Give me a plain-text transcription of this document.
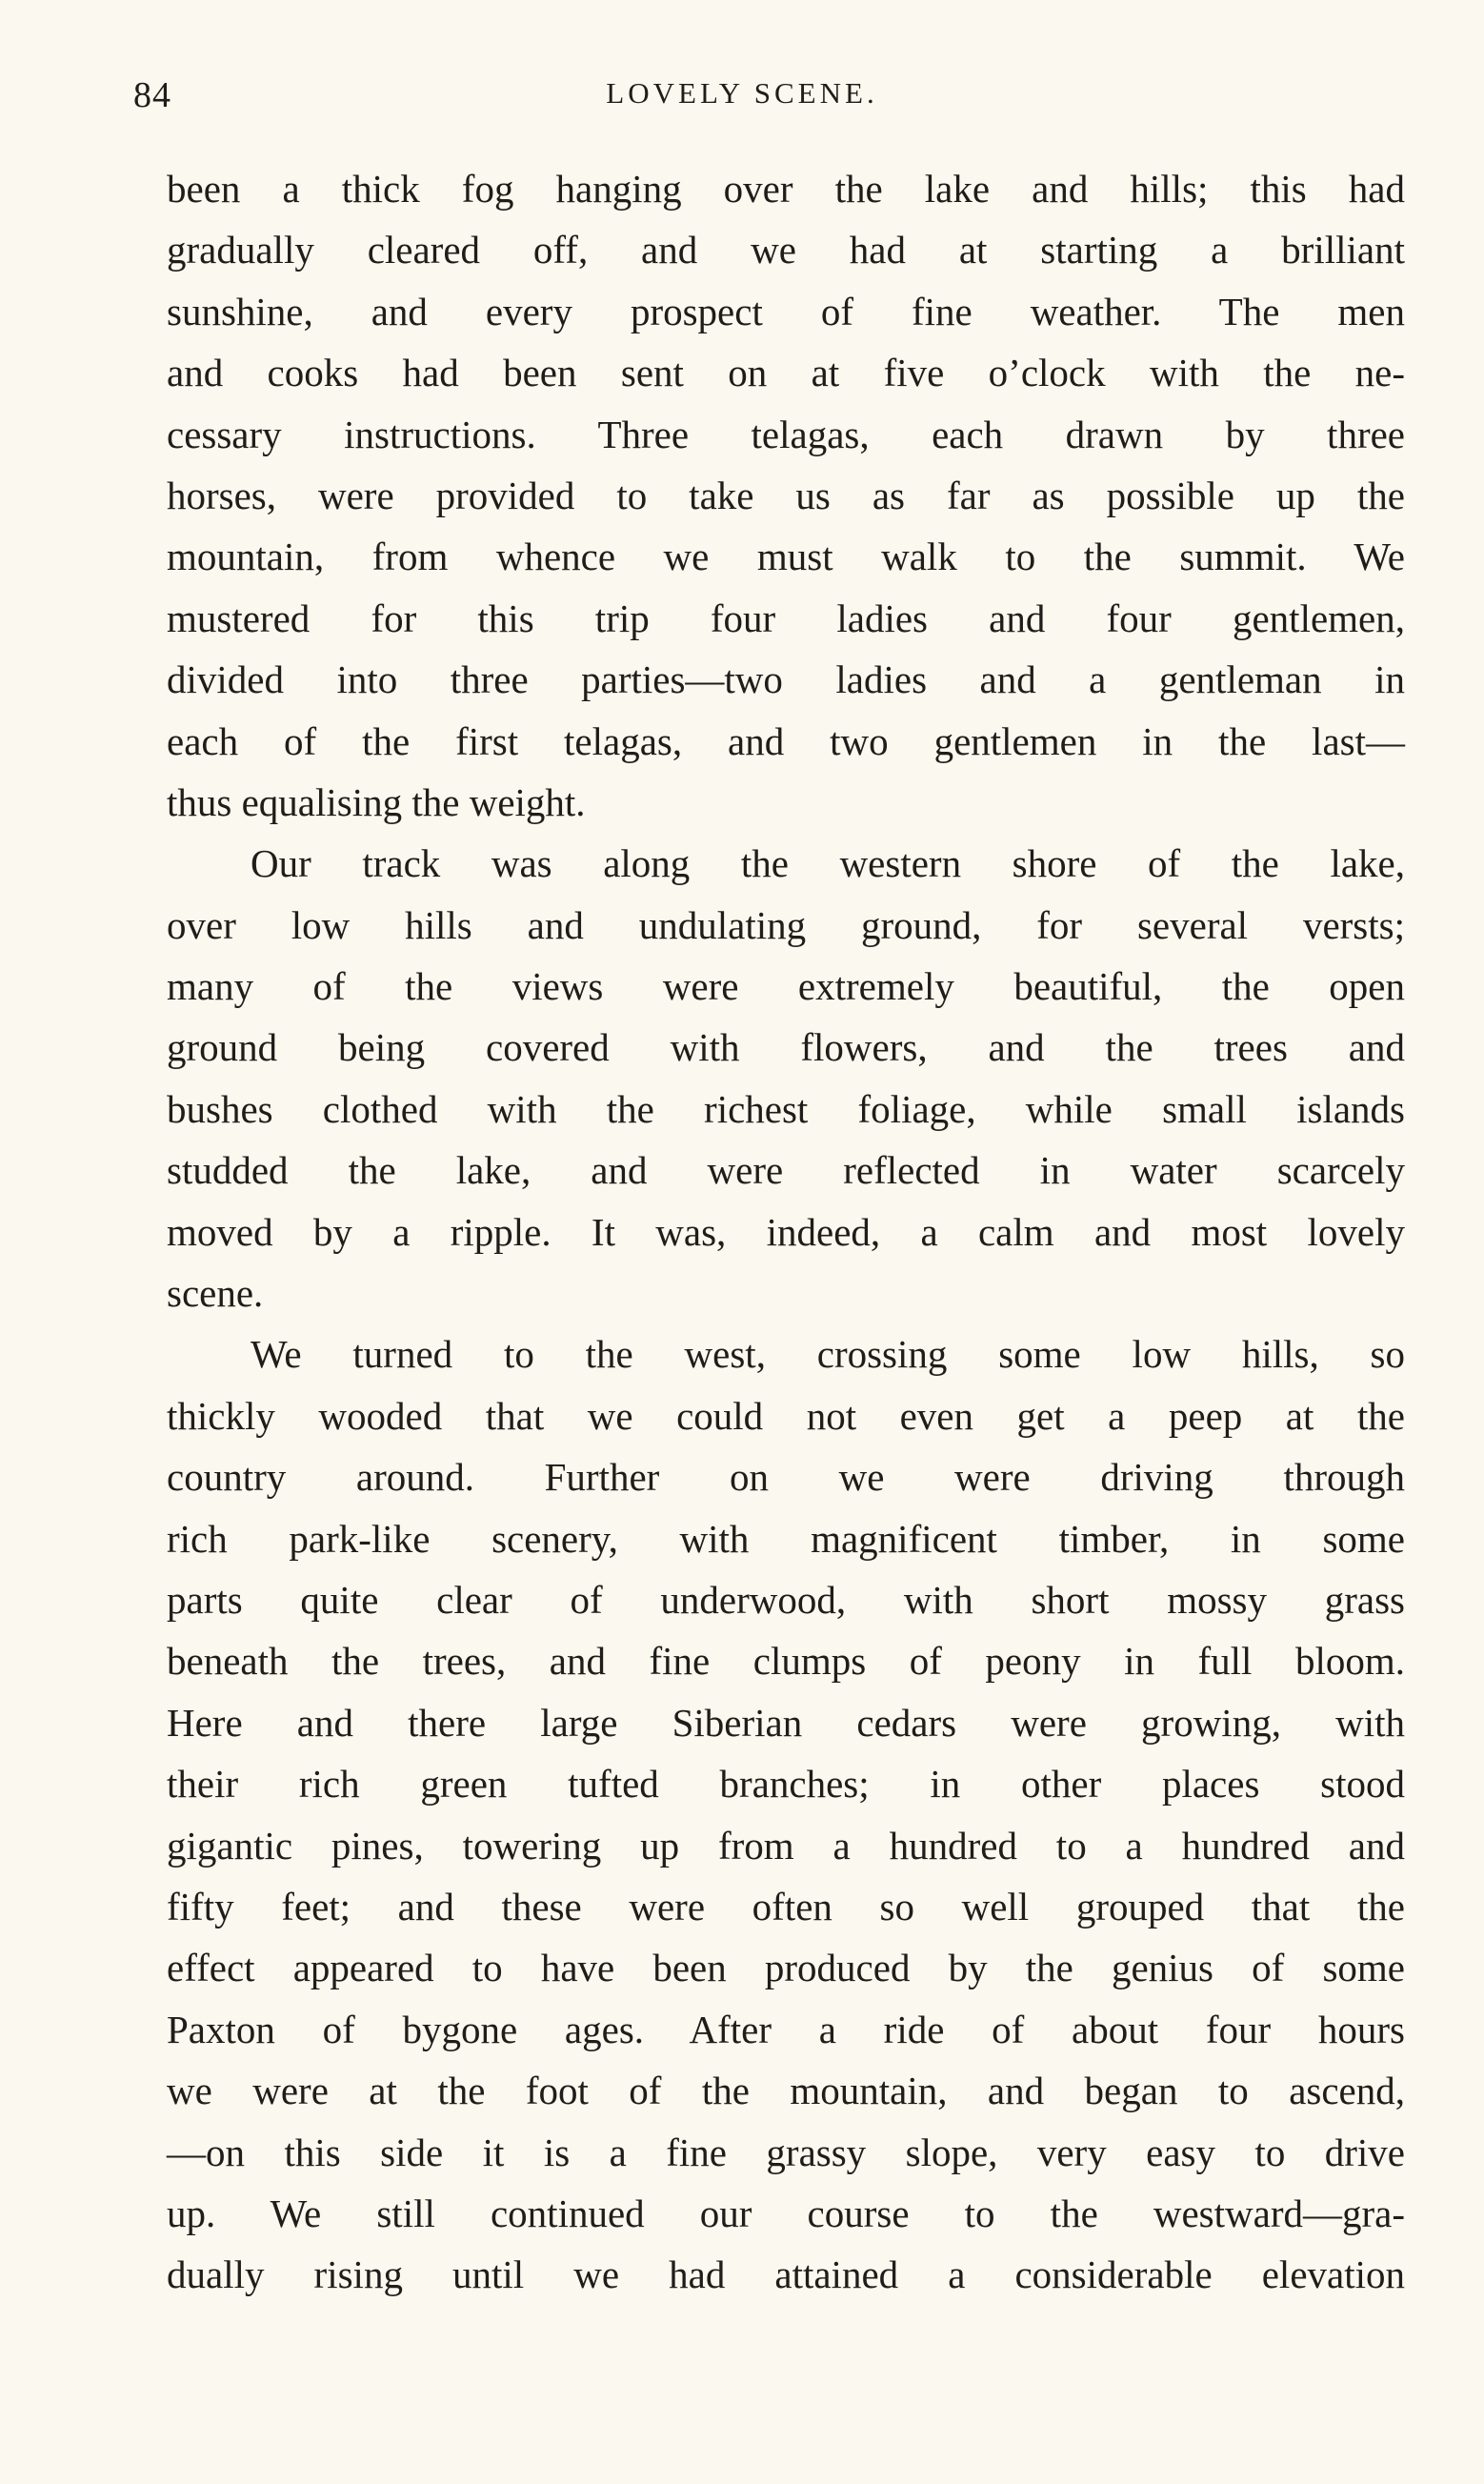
84	LOVELY SCENE.
been a thick fog hanging over the lake and hills; this had
gradually cleared off, and we had at starting a brilliant
sunshine, and every prospect of fine weather. The men
and cooks had been sent on at five o’clock with the ne-
cessary instructions. Three telagas, each drawn by three
horses, were provided to take us as far as possible up the
mountain, from whence we must walk to the summit. We
mustered for this trip four ladies and four gentlemen,
divided into three parties—two ladies and a gentleman in
each of the first telagas, and two gentlemen in the last—
thus equalising the weight.
Our track was along the western shore of the lake,
over low hills and undulating ground, for several versts;
many of the views were extremely beautiful, the open
ground being covered with flowers, and the trees and
bushes clothed with the richest foliage, while small islands
studded the lake, and were reflected in water scarcely
moved by a ripple. It was, indeed, a calm and most lovely
scene.
We turned to the west, crossing some low hills, so
thickly wooded that we could not even get a peep at the
country around. Further on we were driving through
rich park-like scenery, with magnificent timber, in some
parts quite clear of underwood, with short mossy grass
beneath the trees, and fine clumps of peony in full bloom.
Here and there large Siberian cedars were growing, with
their rich green tufted branches; in other places stood
gigantic pines, towering up from a hundred to a hundred and
fifty feet; and these were often so well grouped that the
effect appeared to have been produced by the genius of some
Paxton of bygone ages. After a ride of about four hours
we were at the foot of the mountain, and began to ascend,
—on this side it is a fine grassy slope, very easy to drive
up. We still continued our course to the westward—gra-
dually rising until we had attained a considerable elevation
